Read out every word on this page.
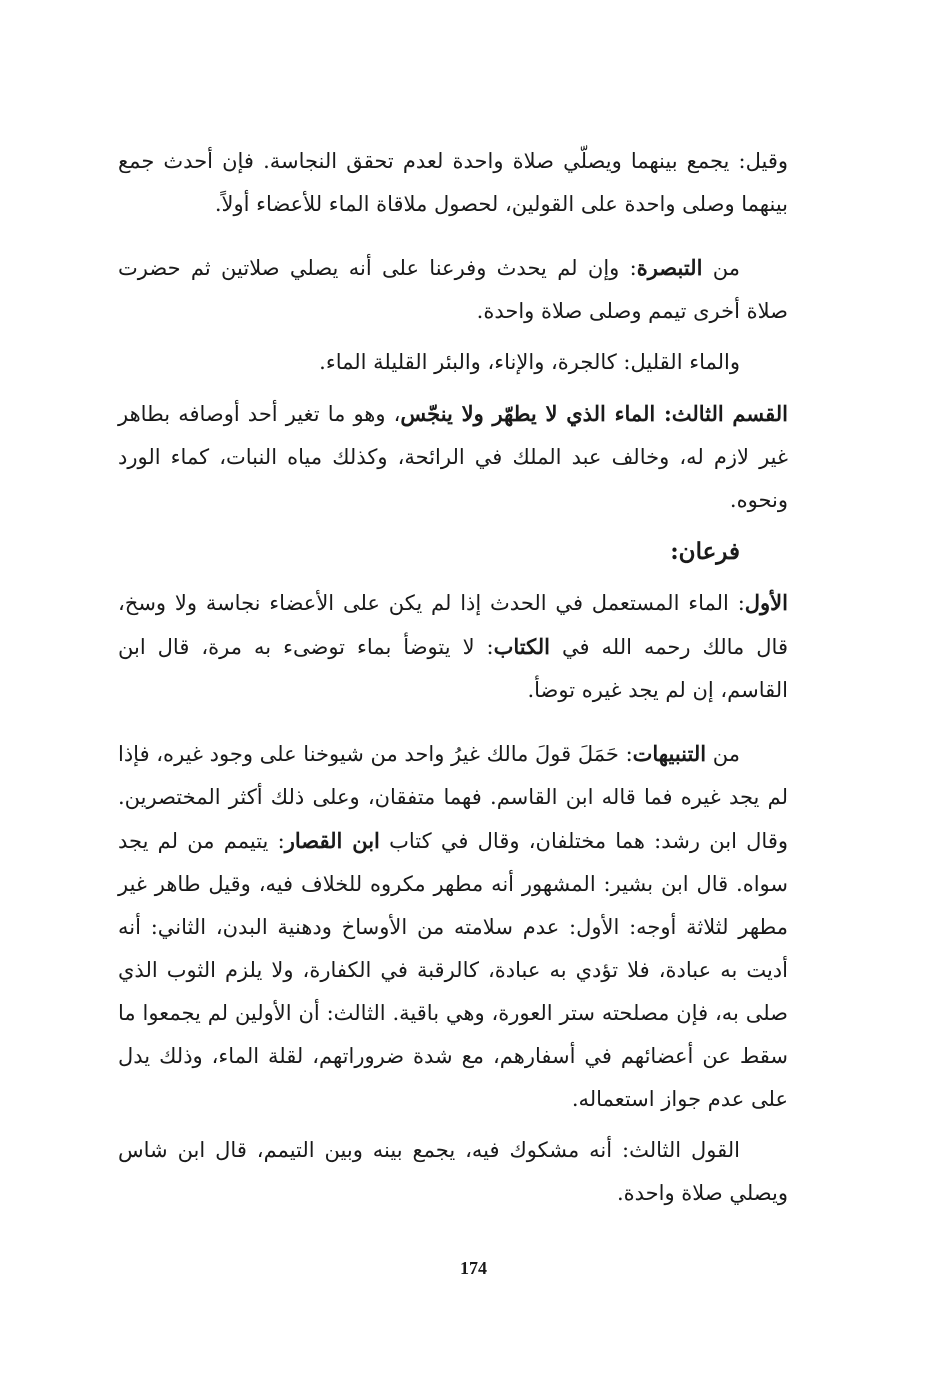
وقيل: يجمع بينهما ويصلّي صلاة واحدة لعدم تحقق النجاسة. فإن أحدث جمع بينهما وصلى واحدة على القولين، لحصول ملاقاة الماء للأعضاء أولاً.

من التبصرة: وإن لم يحدث وفرعنا على أنه يصلي صلاتين ثم حضرت صلاة أخرى تيمم وصلى صلاة واحدة.

والماء القليل: كالجرة، والإناء، والبئر القليلة الماء.

القسم الثالث: الماء الذي لا يطهّر ولا ينجّس، وهو ما تغير أحد أوصافه بطاهر غير لازم له، وخالف عبد الملك في الرائحة، وكذلك مياه النبات، كماء الورد ونحوه.

فرعان:

الأول: الماء المستعمل في الحدث إذا لم يكن على الأعضاء نجاسة ولا وسخ، قال مالك رحمه الله في الكتاب: لا يتوضأ بماء توضىء به مرة، قال ابن القاسم، إن لم يجد غيره توضأ.

من التنبيهات: حَمَلَ قولَ مالك غيرُ واحد من شيوخنا على وجود غيره، فإذا لم يجد غيره فما قاله ابن القاسم. فهما متفقان، وعلى ذلك أكثر المختصرين. وقال ابن رشد: هما مختلفان، وقال في كتاب ابن القصار: يتيمم من لم يجد سواه. قال ابن بشير: المشهور أنه مطهر مكروه للخلاف فيه، وقيل طاهر غير مطهر لثلاثة أوجه: الأول: عدم سلامته من الأوساخ ودهنية البدن، الثاني: أنه أديت به عبادة، فلا تؤدي به عبادة، كالرقبة في الكفارة، ولا يلزم الثوب الذي صلى به، فإن مصلحته ستر العورة، وهي باقية. الثالث: أن الأولين لم يجمعوا ما سقط عن أعضائهم في أسفارهم، مع شدة ضروراتهم، لقلة الماء، وذلك يدل على عدم جواز استعماله.

القول الثالث: أنه مشكوك فيه، يجمع بينه وبين التيمم، قال ابن شاس ويصلي صلاة واحدة.

174
